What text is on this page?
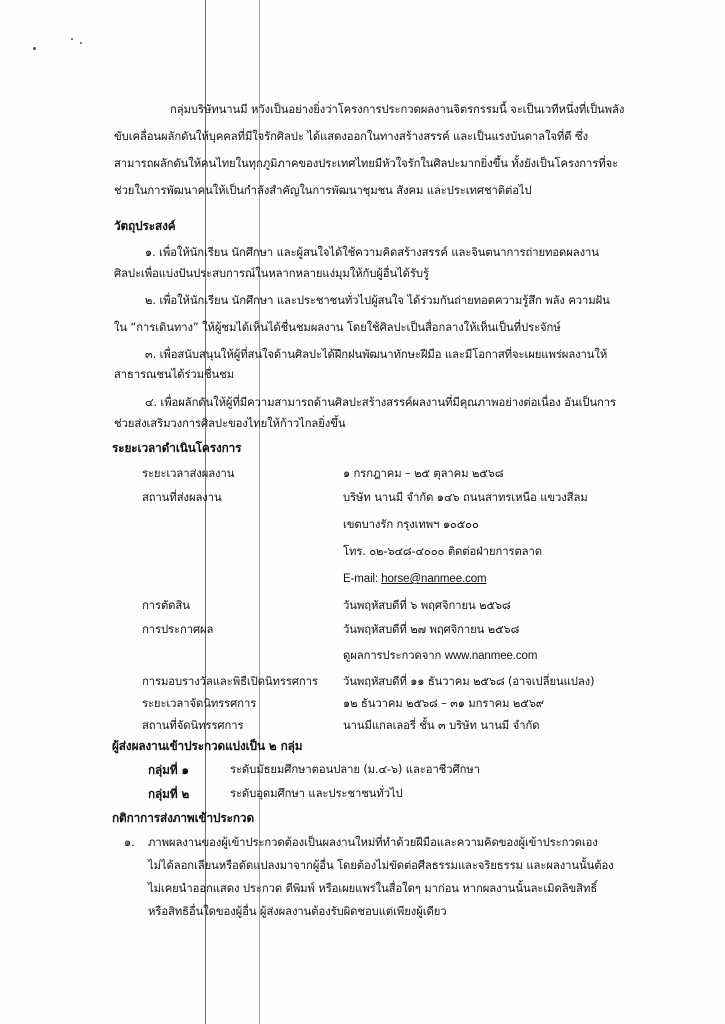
กลุ่มบริษัทนานมี หวังเป็นอย่างยิ่งว่าโครงการประกวดผลงานจิตรกรรมนี้ จะเป็นเวทีหนึ่งที่เป็นพลัง
ขับเคลื่อนผลักดันให้บุคคลที่มีใจรักศิลปะ ได้แสดงออกในทางสร้างสรรค์ และเป็นแรงบันดาลใจที่ดี ซึ่ง
สามารถผลักดันให้คนไทยในทุกภูมิภาคของประเทศไทยมีหัวใจรักในศิลปะมากยิ่งขึ้น ทั้งยังเป็นโครงการที่จะ
ช่วยในการพัฒนาคนให้เป็นกำลังสำคัญในการพัฒนาชุมชน สังคม และประเทศชาติต่อไป
วัตถุประสงค์
๑. เพื่อให้นักเรียน นักศึกษา และผู้สนใจได้ใช้ความคิดสร้างสรรค์ และจินตนาการถ่ายทอดผลงาน
ศิลปะเพื่อแบ่งปันประสบการณ์ในหลากหลายแง่มุมให้กับผู้อื่นได้รับรู้
๒. เพื่อให้นักเรียน นักศึกษา และประชาชนทั่วไปผู้สนใจ ได้ร่วมกันถ่ายทอดความรู้สึก พลัง ความฝัน
ใน “การเดินทาง” ให้ผู้ชมได้เห็นได้ชื่นชมผลงาน โดยใช้ศิลปะเป็นสื่อกลางให้เห็นเป็นที่ประจักษ์
๓. เพื่อสนับสนุนให้ผู้ที่สนใจด้านศิลปะได้ฝึกฝนพัฒนาทักษะฝีมือ และมีโอกาสที่จะเผยแพร่ผลงานให้
สาธารณชนได้ร่วมชื่นชม
๔. เพื่อผลักดันให้ผู้ที่มีความสามารถด้านศิลปะสร้างสรรค์ผลงานที่มีคุณภาพอย่างต่อเนื่อง อันเป็นการ
ช่วยส่งเสริมวงการศิลปะของไทยให้ก้าวไกลยิ่งขึ้น
ระยะเวลาดำเนินโครงการ
ระยะเวลาส่งผลงาน	๑ กรกฎาคม – ๒๕ ตุลาคม ๒๕๖๘
สถานที่ส่งผลงาน	บริษัท นานมี จำกัด ๑๔๖ ถนนสาทรเหนือ แขวงสีลม
เขตบางรัก กรุงเทพฯ ๑๐๕๐๐
โทร. ๐๒-๖๔๘-๔๐๐๐ ติดต่อฝ่ายการตลาด
E-mail: horse@nanmee.com
การตัดสิน	วันพฤหัสบดีที่ ๖ พฤศจิกายน ๒๕๖๘
การประกาศผล	วันพฤหัสบดีที่ ๒๗ พฤศจิกายน ๒๕๖๘
ดูผลการประกวดจาก www.nanmee.com
การมอบรางวัลและพิธีเปิดนิทรรศการ วันพฤหัสบดีที่ ๑๑ ธันวาคม ๒๕๖๘ (อาจเปลี่ยนแปลง)
ระยะเวลาจัดนิทรรศการ	๑๒ ธันวาคม ๒๕๖๘ – ๓๑ มกราคม ๒๕๖๙
สถานที่จัดนิทรรศการ	นานมีแกลเลอรี่ ชั้น ๓ บริษัท นานมี จำกัด
ผู้ส่งผลงานเข้าประกวดแบ่งเป็น ๒ กลุ่ม
กลุ่มที่ ๑	ระดับมัธยมศึกษาตอนปลาย (ม.๔-๖) และอาชีวศึกษา
กลุ่มที่ ๒	ระดับอุดมศึกษา และประชาชนทั่วไป
กติกาการส่งภาพเข้าประกวด
๑. ภาพผลงานของผู้เข้าประกวดต้องเป็นผลงานใหม่ที่ทำด้วยฝีมือและความคิดของผู้เข้าประกวดเอง
ไม่ได้ลอกเลียนหรือดัดแปลงมาจากผู้อื่น โดยต้องไม่ขัดต่อศีลธรรมและจริยธรรม และผลงานนั้นต้อง
ไม่เคยนำออกแสดง ประกวด ตีพิมพ์ หรือเผยแพร่ในสื่อใดๆ มาก่อน หากผลงานนั้นละเมิดลิขสิทธิ์
หรือสิทธิอื่นใดของผู้อื่น ผู้ส่งผลงานต้องรับผิดชอบแต่เพียงผู้เดียว
